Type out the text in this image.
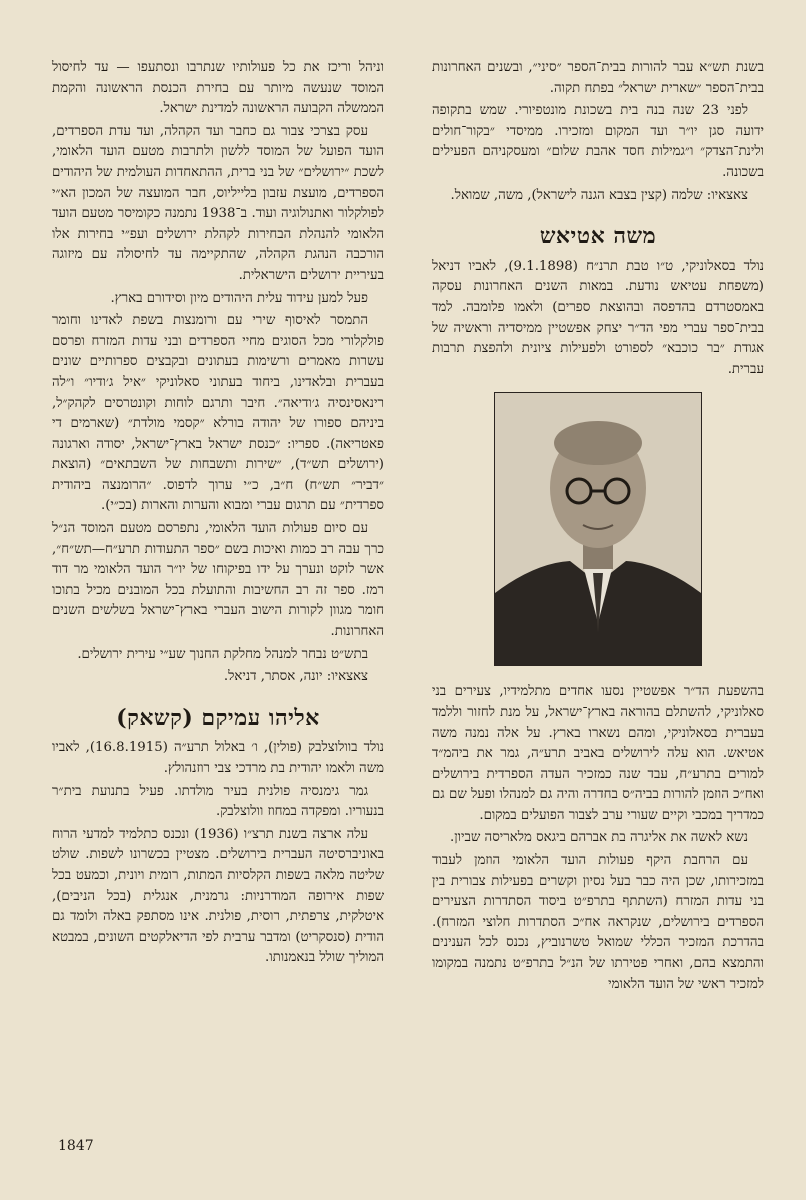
בשנת תש״א עבר להורות בבית־הספר ״סיני״, ובשנים האחרונות בבית־הספר ״שארית ישראל״ בפתח תקוה.

לפני 23 שנה בנה בית בשכונת מונטפיורי. שמש בתקופה ידועה סגן יו״ר ועד המקום ומזכירו. ממיסדי ״בקור־חולים ולינת־הצדק״ ו״גמילות חסד אהבת שלום״ ומעסקניהם הפעילים בשכונה.

צאצאיו: שלמה (קצין בצבא הגנה לישראל), משה, שמואל.

משה אטיאש

נולד בסאלוניקי, ט״ו טבת תרנ״ח (9.1.1898), לאביו דניאל (משפחת עטיאש נודעת. במאות השנים האחרונות עסקה באמסטרדם בהדפסה ובהוצאת ספרים) ולאמו פלומבה. למד בבית־ספר עברי מפי הד״ר יצחק אפשטיין ממיסדיה וראשיה של אגודת ״בר כוכבא״ לספורט ולפעילות ציונית ולהפצת תרבות עברית.

בהשפעת הד״ר אפשטיין נסעו אחדים מתלמידיו, צעירים בני סאלוניקי, להשתלם בהוראה בארץ־ישראל, על מנת לחזור וללמד בעברית בסאלוניקי, ומהם נשארו בארץ. על אלה נמנה משה אטיאש. הוא עלה לירושלים באביב תרע״ה, גמר את ביהמ״ד למורים בתרע״ח, עבד שנה כמזכיר העדה הספרדית בירושלים ואח״כ הוזמן להורות בביה״ס בחדרה והיה גם למנהלו ופעל שם גם כמדריך במכבי וקיים שעורי ערב לצבור הפועלים במקום.

נשא לאשה את אליגרה בת אברהם ביגאס מלאריסה שביון.

עם הרחבת היקף פעולות הועד הלאומי הוזמן לעבוד במזכירותו, שכן היה כבר בעל נסיון וקשרים בפעילות צבורית בין בני עדות המזרח (השתתף בתרפ״ט ביסוד הסתדרות הצעירים הספרדים בירושלים, שנקראה אח״כ הסתדרות חלוצי המזרח). בהדרכת המזכיר הכללי שמואל טשרנוביץ, נכנס לכל הענינים והתמצא בהם, ואחרי פטירתו של הנ״ל בתרפ״ט נתמנה במקומו למזכיר ראשי של הועד הלאומי

וניהל וריכז את כל פעולותיו שנתרבו ונסתעפו — עד לחיסול המוסד שנעשה מיותר עם בחירת הכנסת הראשונה והקמת הממשלה הקבועה הראשונה למדינת ישראל.

עסק בצרכי צבור גם כחבר ועד הקהלה, ועד עדת הספרדים, הועד הפועל של המוסד ללשון ולתרבות מטעם הועד הלאומי, לשכת ״ירושלים״ של בני ברית, ההתאחדות העולמית של היהודים הספרדים, מועצת עזבון בלייליוס, חבר המועצה של המכון הא״י לפולקלור ואתנולוגיה ועוד. ב־1938 נתמנה כקומיסר מטעם הועד הלאומי להנהלת הבחירות לקהלת ירושלים ועפ״י בחירות אלו הורכבה הנהגת הקהלה, שהתקיימה עד לחיסולה עם מיזוגה בעיריית ירושלים הישראלית.

פעל למען עידוד עלית היהודים מיון וסידורם בארץ.

התמסר לאיסוף שירי עם ורומנצות בשפת לאדינו וחומר פולקלורי מכל הסוגים מחיי הספרדים ובני עדות המזרח ופרסם עשרות מאמרים ורשימות בעתונים ובקבצים ספרותיים שונים בעברית ובלאדינו, ביחוד בעתוני סאלוניקי ״איל ג׳ודיו״ ו״לה רינאסינסיה ג׳ודיאה״. חיבר ותרגם לוחות וקונטרסים לקהק״ל, ביניהם ספורו של יהודה בורלא ״קסמי מולדת״ (שארמים די פאטריאה). ספריו: ״כנסת ישראל בארץ־ישראל, יסודה וארגונה (ירושלים תש״ד), ״שירות ותשבחות של השבתאים״ (הוצאת ״דביר״ תש״ח) ח״ב, כ״י ערוך לדפוס. ״הרומנצה ביהודית ספרדית״ עם תרגום עברי ומבוא והערות והארות (בכ״י).

עם סיום פעולות הועד הלאומי, נתפרסם מטעם המוסד הנ״ל כרך עבה רב כמות ואיכות בשם ״ספר התעודות תרע״ח—תש״ח״, אשר לוקט ונערך על ידו בפיקוחו של יו״ר הועד הלאומי מר דוד רמז. ספר זה רב החשיבות והתועלת בכל המובנים מכיל בתוכו חומר מגוון לקורות הישוב העברי בארץ־ישראל בשלשים השנים האחרונות.

בתש״ט נבחר למנהל מחלקת החנוך שע״י עירית ירושלים.

צאצאיו: יונה, אסתר, דניאל.

אליהו עמיקם (קשאק)

נולד בוולוצלבק (פולין), ו׳ באלול תרע״ה (16.8.1915), לאביו משה ולאמו יהודית בת מרדכי צבי רוזנהולץ.

גמר גימנסיה פולנית בעיר מולדתו. פעיל בתנועת בית״ר בנעוריו. ומפקדה במחוז וולוצלבק.

עלה ארצה בשנת תרצ״ו (1936) ונכנס כתלמיד למדעי הרוח באוניברסיטה העברית בירושלים. מצטיין בכשרונו לשפות. שולט שליטה מלאה בשפות הקלסיות המתות, רומית ויונית, וכמעט בכל שפות אירופה המודרניות: גרמנית, אנגלית (בכל הניבים), איטלקית, צרפתית, רוסית, פולנית. אינו מסתפק באלה ולומד גם הודית (סנסקריט) ומדבר ערבית לפי הדיאלקטים השונים, במבטא המוליך שולל בנאמנותו.

1847
